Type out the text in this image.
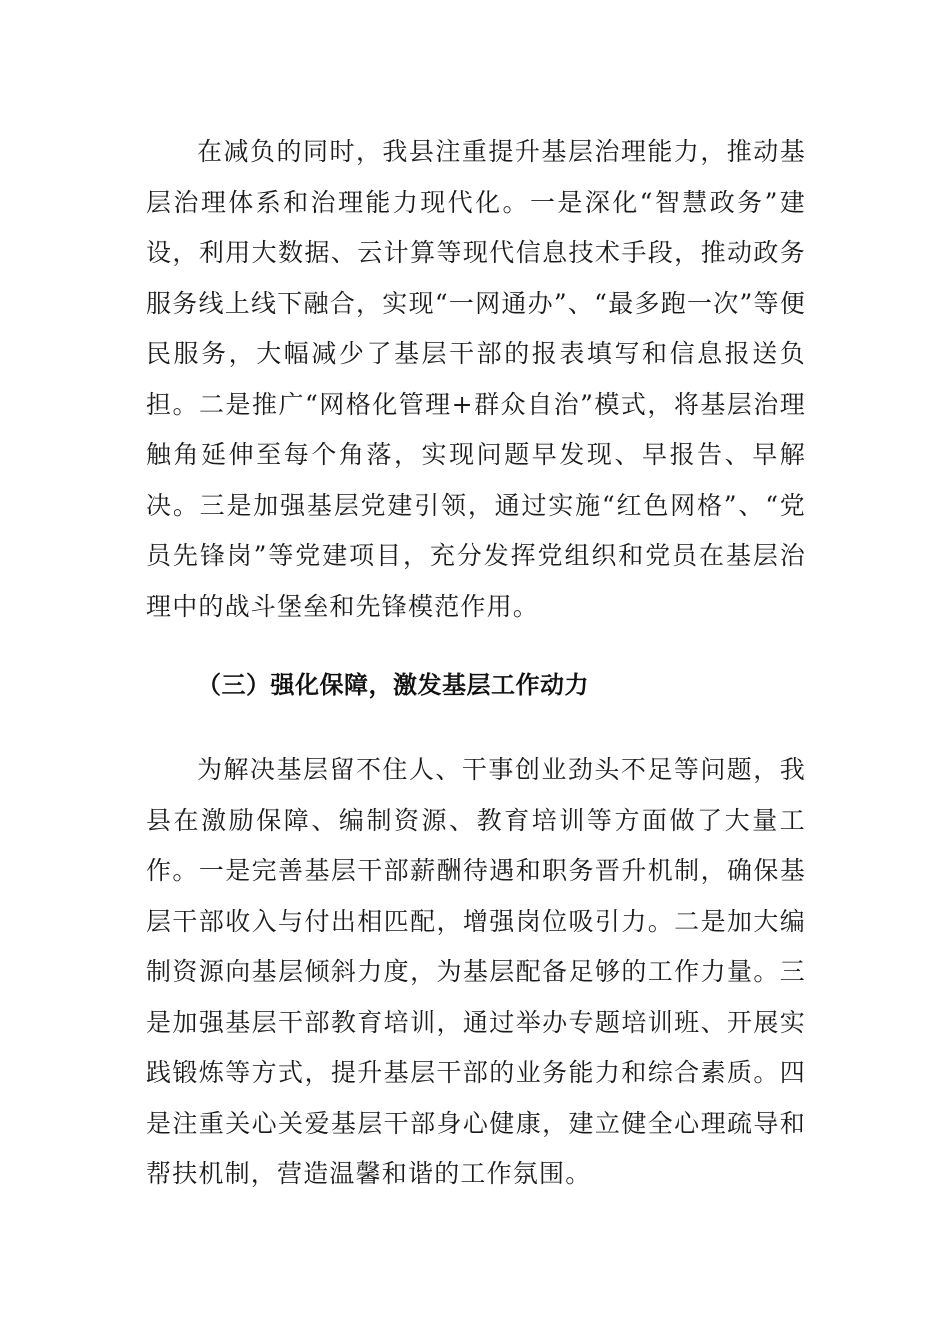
在减负的同时，我县注重提升基层治理能力，推动基层治理体系和治理能力现代化。一是深化“智慧政务”建设，利用大数据、云计算等现代信息技术手段，推动政务服务线上线下融合，实现“一网通办”、“最多跑一次”等便民服务，大幅减少了基层干部的报表填写和信息报送负担。二是推广“网格化管理+群众自治”模式，将基层治理触角延伸至每个角落，实现问题早发现、早报告、早解决。三是加强基层党建引领，通过实施“红色网格”、“党员先锋岗”等党建项目，充分发挥党组织和党员在基层治理中的战斗堡垒和先锋模范作用。

（三）强化保障，激发基层工作动力

为解决基层留不住人、干事创业劲头不足等问题，我县在激励保障、编制资源、教育培训等方面做了大量工作。一是完善基层干部薪酬待遇和职务晋升机制，确保基层干部收入与付出相匹配，增强岗位吸引力。二是加大编制资源向基层倾斜力度，为基层配备足够的工作力量。三是加强基层干部教育培训，通过举办专题培训班、开展实践锻炼等方式，提升基层干部的业务能力和综合素质。四是注重关心关爱基层干部身心健康，建立健全心理疏导和帮扶机制，营造温馨和谐的工作氛围。
